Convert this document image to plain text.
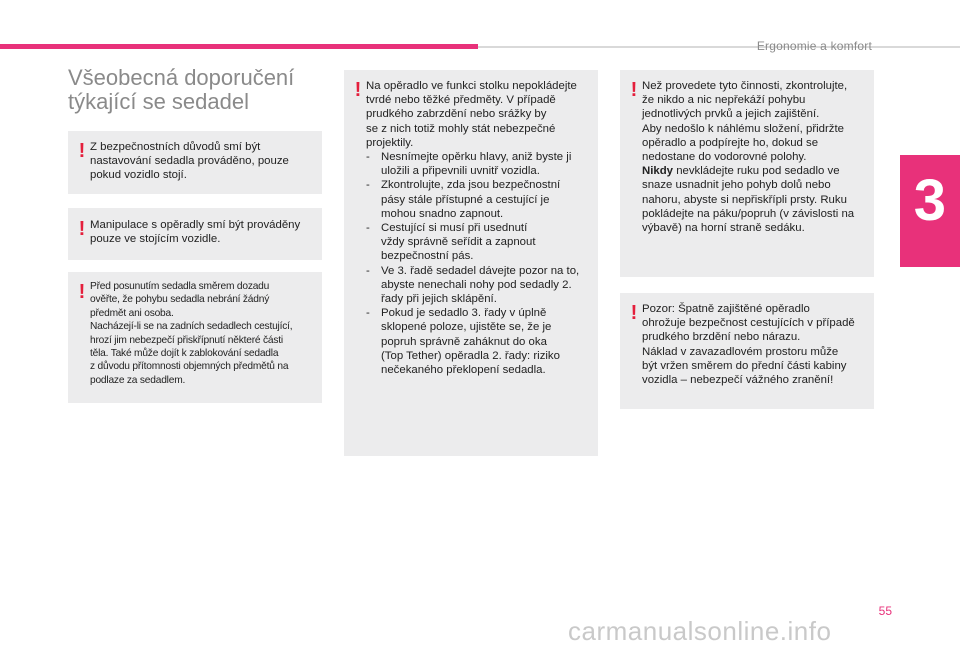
Ergonomie a komfort
3
Všeobecná doporučení
týkající se sedadel
! Z bezpečnostních důvodů smí být
nastavování sedadla prováděno, pouze
pokud vozidlo stojí.
! Manipulace s opěradly smí být prováděny
pouze ve stojícím vozidle.
! Před posunutím sedadla směrem dozadu
ověřte, že pohybu sedadla nebrání žádný
předmět ani osoba.
Nacházejí-li se na zadních sedadlech cestující,
hrozí jim nebezpečí přiskřípnutí některé části
těla. Také může dojít k zablokování sedadla
z důvodu přítomnosti objemných předmětů na
podlaze za sedadlem.
! Na opěradlo ve funkci stolku nepokládejte
tvrdé nebo těžké předměty. V případě
prudkého zabrzdění nebo srážky by
se z nich totiž mohly stát nebezpečné
projektily.
- Nesnímejte opěrku hlavy, aniž byste ji
uložili a připevnili uvnitř vozidla.
- Zkontrolujte, zda jsou bezpečnostní
pásy stále přístupné a cestující je
mohou snadno zapnout.
- Cestující si musí při usednutí
vždy správně seřídit a zapnout
bezpečnostní pás.
- Ve 3. řadě sedadel dávejte pozor na to,
abyste nenechali nohy pod sedadly 2.
řady při jejich sklápění.
- Pokud je sedadlo 3. řady v úplně
sklopené poloze, ujistěte se, že je
popruh správně zaháknut do oka
(Top Tether) opěradla 2. řady: riziko
nečekaného překlopení sedadla.
! Než provedete tyto činnosti, zkontrolujte,
že nikdo a nic nepřekáží pohybu
jednotlivých prvků a jejich zajištění.
Aby nedošlo k náhlému složení, přidržte
opěradlo a podpírejte ho, dokud se
nedostane do vodorovné polohy.
Nikdy nevkládejte ruku pod sedadlo ve
snaze usnadnit jeho pohyb dolů nebo
nahoru, abyste si nepřiskřípli prsty. Ruku
pokládejte na páku/popruh (v závislosti na
výbavě) na horní straně sedáku.
! Pozor: Špatně zajištěné opěradlo
ohrožuje bezpečnost cestujících v případě
prudkého brzdění nebo nárazu.
Náklad v zavazadlovém prostoru může
být vržen směrem do přední části kabiny
vozidla – nebezpečí vážného zranění!
55
carmanualsonline.info
